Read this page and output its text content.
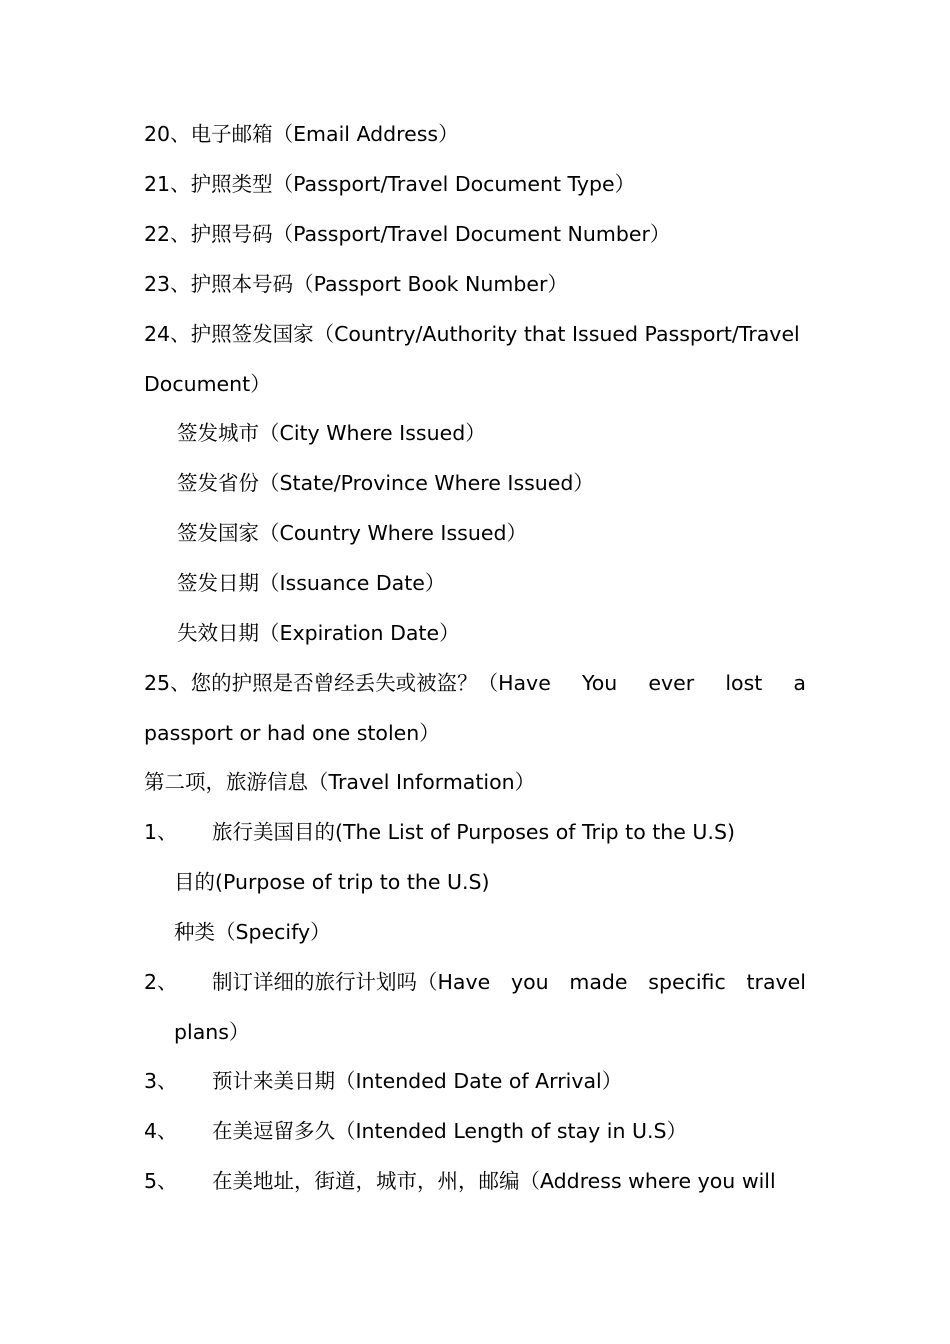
20、电子邮箱（Email Address）

21、护照类型（Passport/Travel Document Type）

22、护照号码（Passport/Travel Document Number）

23、护照本号码（Passport Book Number）

24、护照签发国家（Country/Authority that Issued Passport/Travel

Document）

签发城市（City Where Issued）

签发省份（State/Province Where Issued）

签发国家（Country Where Issued）

签发日期（Issuance Date）

失效日期（Expiration Date）

25、您的护照是否曾经丢失或被盗？（Have You ever lost a

passport or had one stolen）

第二项，旅游信息（Travel Information）

1、 旅行美国目的(The List of Purposes of Trip to the U.S)

目的(Purpose of trip to the U.S)

种类（Specify）

2、	制订详细的旅行计划吗（Have you made specific travel

plans）

3、 预计来美日期（Intended Date of Arrival）

4、 在美逗留多久（Intended Length of stay in U.S）

5、	在美地址，街道，城市，州，邮编（Address where you will
